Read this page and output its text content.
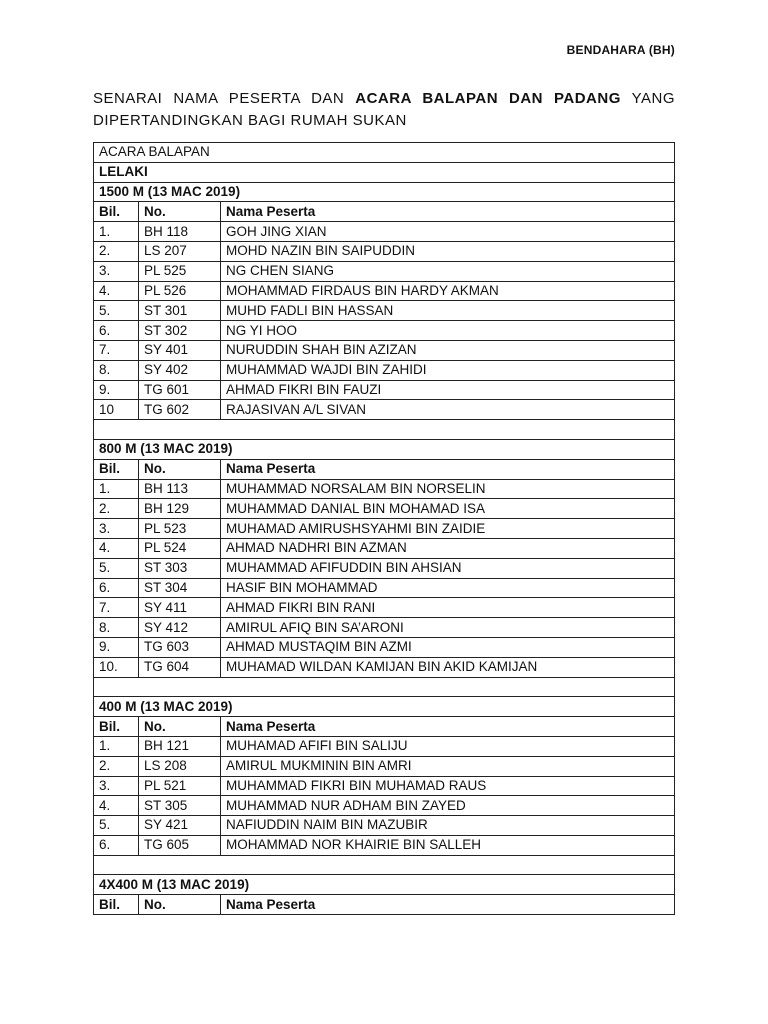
BENDAHARA (BH)
SENARAI NAMA PESERTA DAN ACARA BALAPAN DAN PADANG YANG
DIPERTANDINGKAN BAGI RUMAH SUKAN
ACARA BALAPAN		
LELAKI		
1500 M (13 MAC 2019)		
Bil.	No.	Nama Peserta
1.	BH 118	GOH JING XIAN
2.	LS 207	MOHD NAZIN BIN SAIPUDDIN
3.	PL 525	NG CHEN SIANG
4.	PL 526	MOHAMMAD FIRDAUS BIN HARDY AKMAN
5.	ST 301	MUHD FADLI BIN HASSAN
6.	ST 302	NG YI HOO
7.	SY 401	NURUDDIN SHAH BIN AZIZAN
8.	SY 402	MUHAMMAD WAJDI BIN ZAHIDI
9.	TG 601	AHMAD FIKRI BIN FAUZI
10	TG 602	RAJASIVAN A/L SIVAN

800 M (13 MAC 2019)		
Bil.	No.	Nama Peserta
1.	BH 113	MUHAMMAD NORSALAM BIN NORSELIN
2.	BH 129	MUHAMMAD DANIAL BIN MOHAMAD ISA
3.	PL 523	MUHAMAD AMIRUSHSYAHMI BIN ZAIDIE
4.	PL 524	AHMAD NADHRI BIN AZMAN
5.	ST 303	MUHAMMAD AFIFUDDIN BIN AHSIAN
6.	ST 304	HASIF BIN MOHAMMAD
7.	SY 411	AHMAD FIKRI BIN RANI
8.	SY 412	AMIRUL AFIQ BIN SA’ARONI
9.	TG 603	AHMAD MUSTAQIM BIN AZMI
10.	TG 604	MUHAMAD WILDAN KAMIJAN BIN AKID KAMIJAN

400 M (13 MAC 2019)		
Bil.	No.	Nama Peserta
1.	BH 121	MUHAMAD AFIFI BIN SALIJU
2.	LS 208	AMIRUL MUKMININ BIN AMRI
3.	PL 521	MUHAMMAD FIKRI BIN MUHAMAD RAUS
4.	ST 305	MUHAMMAD NUR ADHAM BIN ZAYED
5.	SY 421	NAFIUDDIN NAIM BIN MAZUBIR
6.	TG 605	MOHAMMAD NOR KHAIRIE BIN SALLEH

4X400 M (13 MAC 2019)		
Bil.	No.	Nama Peserta
